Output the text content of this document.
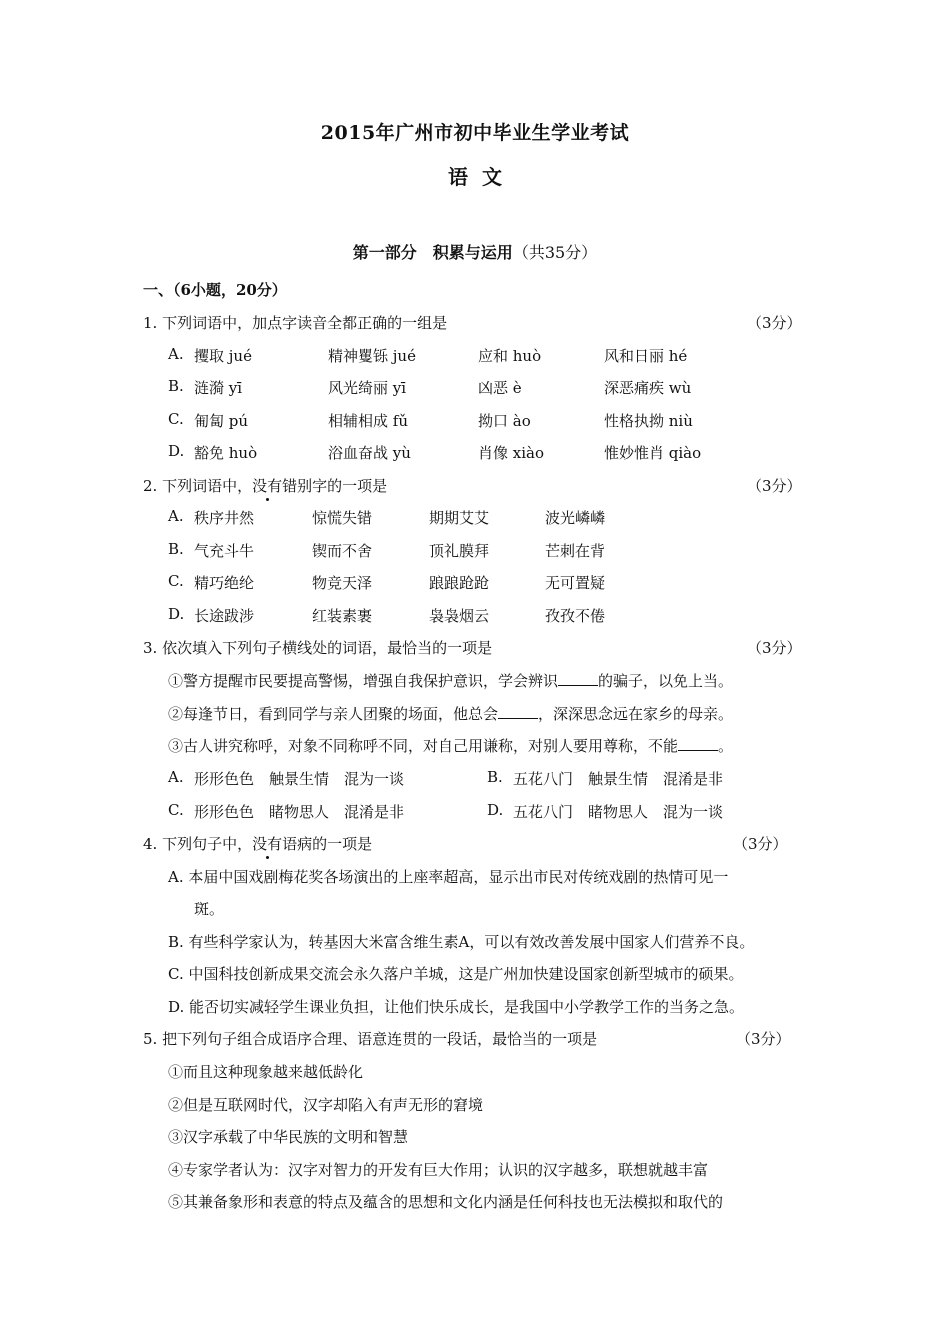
2015年广州市初中毕业生学业考试
语文
第一部分　积累与运用（共35分）
一、（6小题，20分）
1. 下列词语中，加点字读音全都正确的一组是	（3分）
A. 攫取 jué	精神矍铄 jué	应和 huò	风和日丽 hé
B. 涟漪 yī	风光绮丽 yī	凶恶 è	深恶痛疾 wù
C. 匍匐 pú	相辅相成 fǔ	拗口 ào	性格执拗 niù
D. 豁免 huò	浴血奋战 yù	肖像 xiào	惟妙惟肖 qiào
2. 下列词语中，没有错别字的一项是	（3分）
A. 秩序井然	惊慌失错	期期艾艾	波光嶙嶙
B. 气充斗牛	锲而不舍	顶礼膜拜	芒刺在背
C. 精巧绝纶	物竞天泽	踉踉跄跄	无可置疑
D. 长途跋涉	红装素裹	袅袅烟云	孜孜不倦
3. 依次填入下列句子横线处的词语，最恰当的一项是	（3分）
①警方提醒市民要提高警惕，增强自我保护意识，学会辨识	的骗子，以免上当。
②每逢节日，看到同学与亲人团聚的场面，他总会	，深深思念远在家乡的母亲。
③古人讲究称呼，对象不同称呼不同，对自己用谦称，对别人要用尊称，不能	。
A. 形形色色　触景生情　混为一谈	B. 五花八门　触景生情　混淆是非
C. 形形色色　睹物思人　混淆是非	D. 五花八门　睹物思人　混为一谈
4. 下列句子中，没有语病的一项是	（3分）
A. 本届中国戏剧梅花奖各场演出的上座率超高，显示出市民对传统戏剧的热情可见一
斑。
B. 有些科学家认为，转基因大米富含维生素A，可以有效改善发展中国家人们营养不良。
C. 中国科技创新成果交流会永久落户羊城，这是广州加快建设国家创新型城市的硕果。
D. 能否切实减轻学生课业负担，让他们快乐成长，是我国中小学教学工作的当务之急。
5. 把下列句子组合成语序合理、语意连贯的一段话，最恰当的一项是	（3分）
①而且这种现象越来越低龄化
②但是互联网时代，汉字却陷入有声无形的窘境
③汉字承载了中华民族的文明和智慧
④专家学者认为：汉字对智力的开发有巨大作用；认识的汉字越多，联想就越丰富
⑤其兼备象形和表意的特点及蕴含的思想和文化内涵是任何科技也无法模拟和取代的
